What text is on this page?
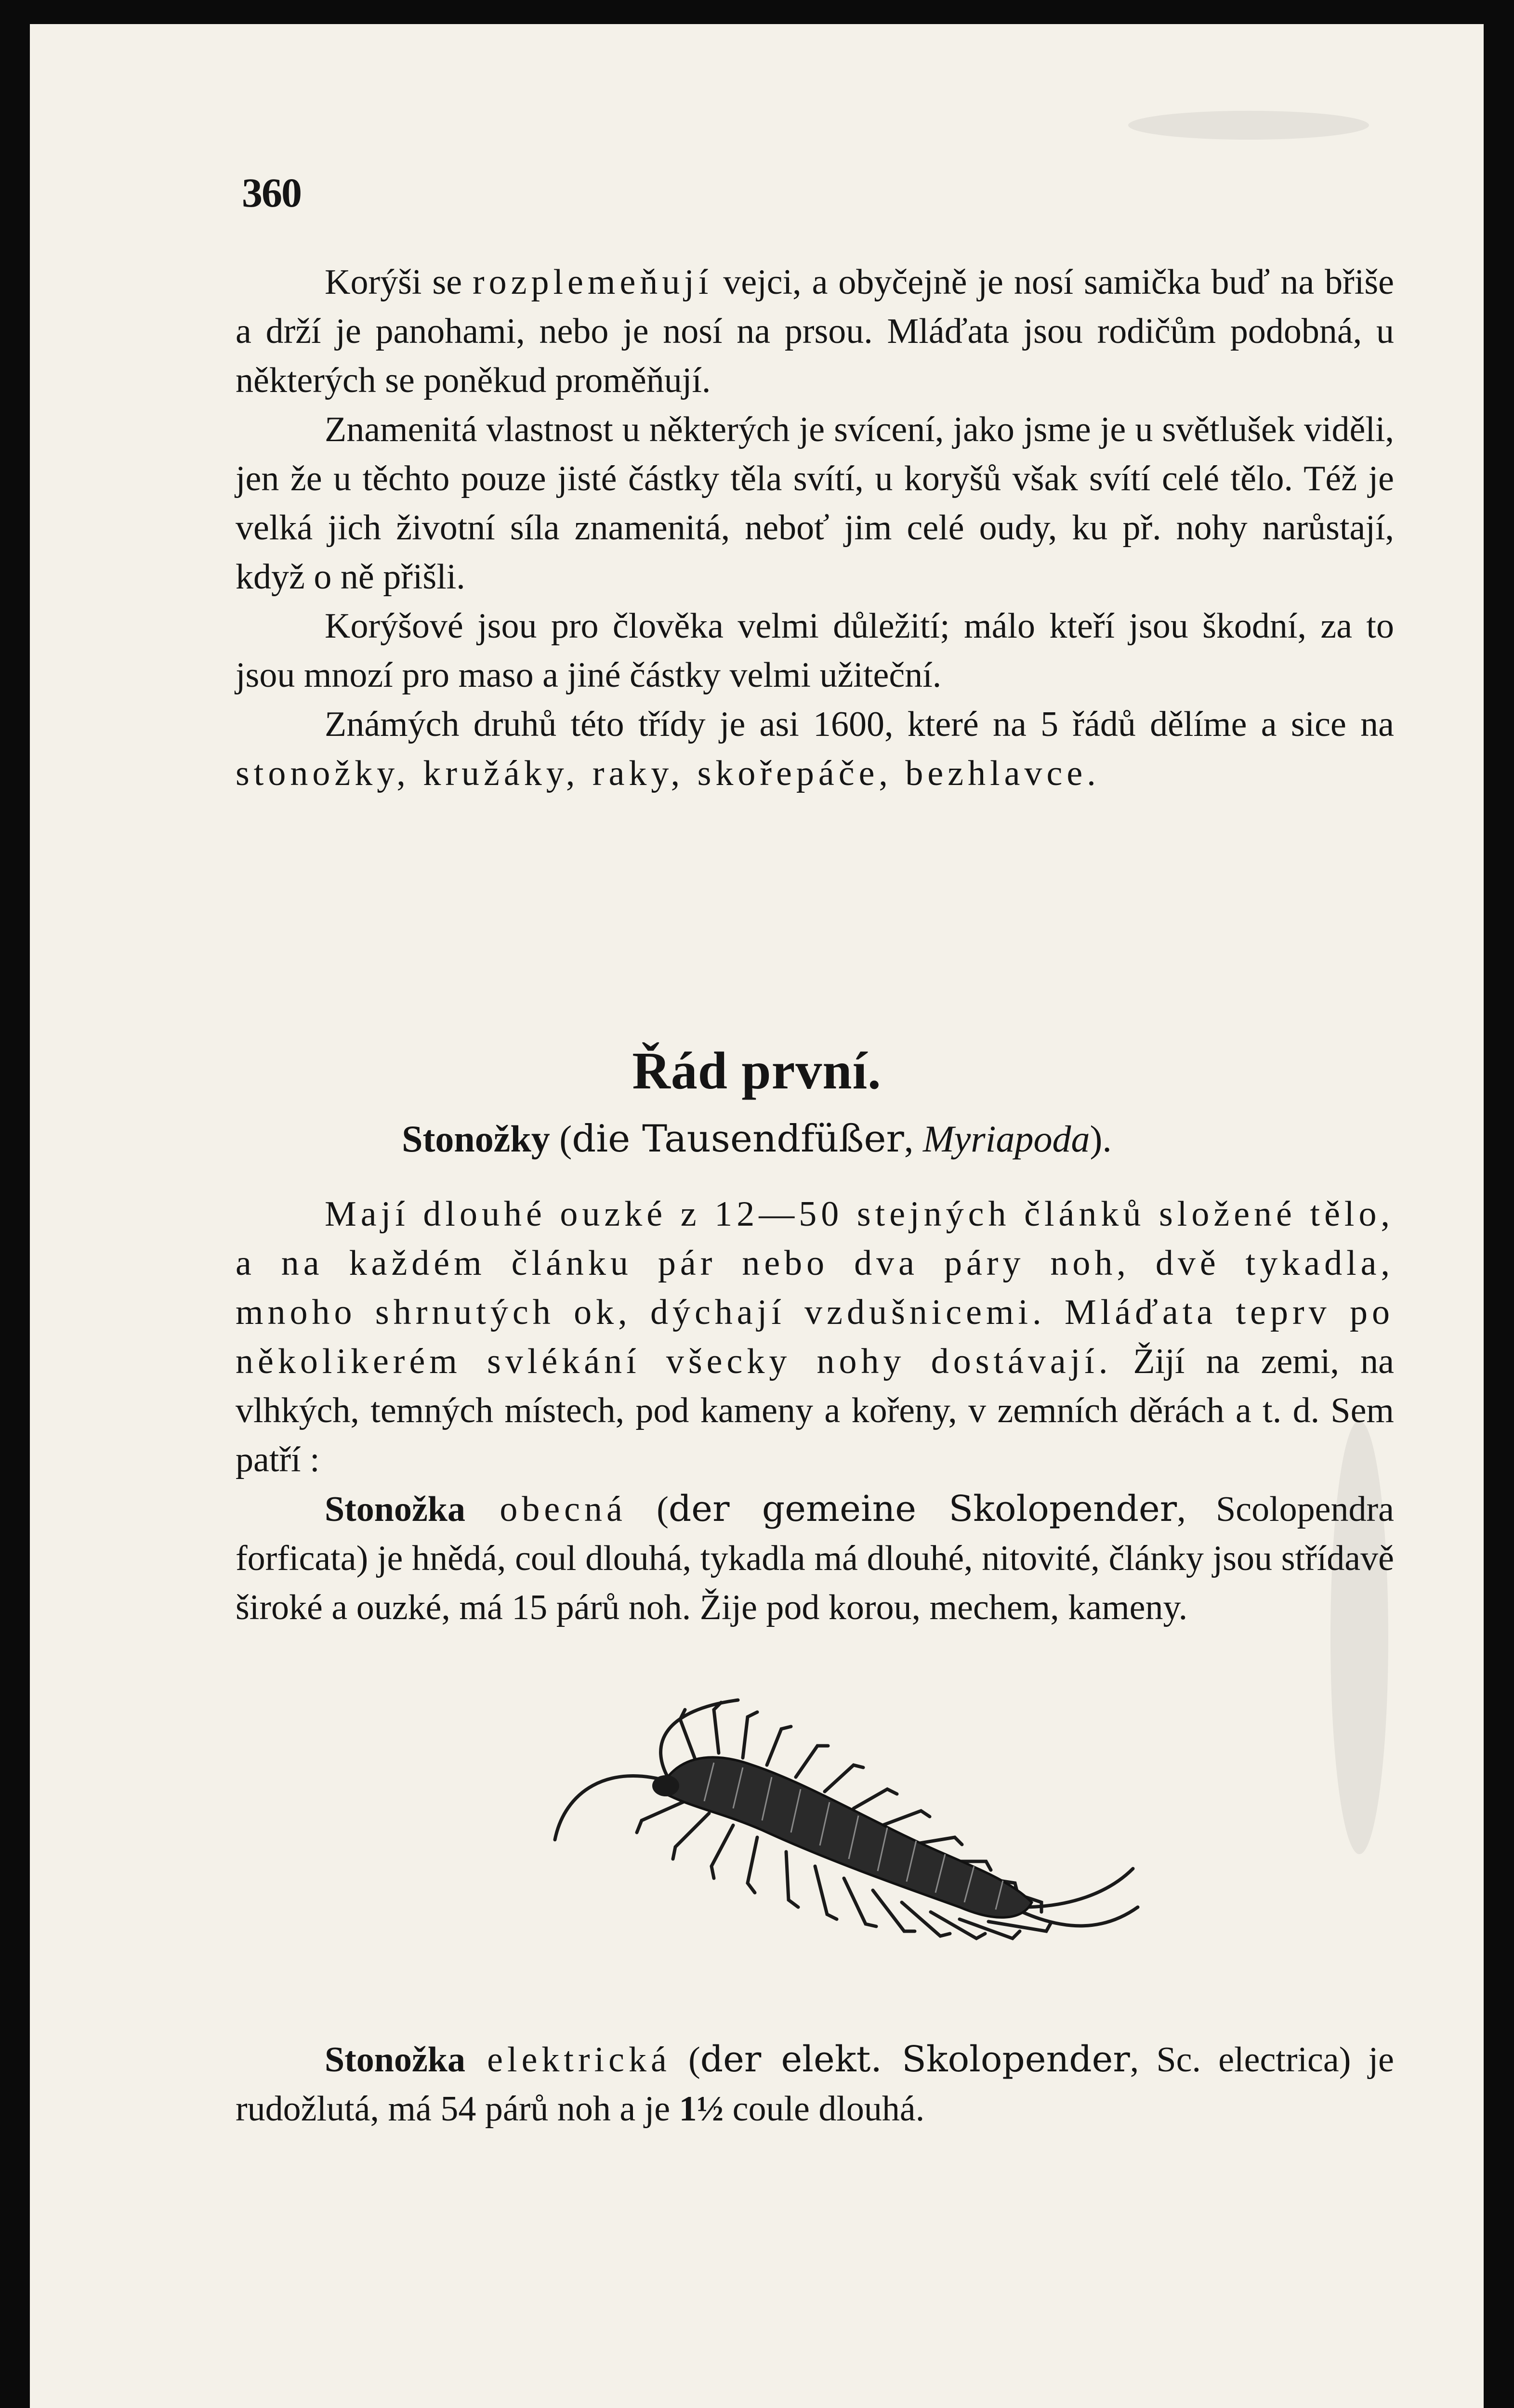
360

Korýši se rozplemeňují vejci, a obyčejně je nosí samička buď na břiše a drží je panohami, nebo je nosí na prsou. Mláďata jsou rodičům podobná, u některých se poněkud proměňují.

Znamenitá vlastnost u některých je svícení, jako jsme je u světlušek viděli, jen že u těchto pouze jisté částky těla svítí, u koryšů však svítí celé tělo. Též je velká jich životní síla znamenitá, neboť jim celé oudy, ku př. nohy narůstají, když o ně přišli.

Korýšové jsou pro člověka velmi důležití; málo kteří jsou škodní, za to jsou mnozí pro maso a jiné částky velmi užiteční.

Známých druhů této třídy je asi 1600, které na 5 řádů dělíme a sice na stonožky, kružáky, raky, skořepáče, bezhlavce.

Řád první.
Stonožky (die Tausendfüßer, Myriapoda).

Mají dlouhé ouzké z 12—50 stejných článků složené tělo, a na každém článku pár nebo dva páry noh, dvě tykadla, mnoho shrnutých ok, dýchají vzdušnicemi. Mláďata teprv po několikerém svlékání všecky nohy dostávají. Žijí na zemi, na vlhkých, temných místech, pod kameny a kořeny, v zemních děrách a t. d. Sem patří :

Stonožka obecná (der gemeine Skolopender, Scolopendra forficata) je hnědá, coul dlouhá, tykadla má dlouhé, nitovité, články jsou střídavě široké a ouzké, má 15 párů noh. Žije pod korou, mechem, kameny.

Stonožka elektrická (der elekt. Skolopender, Sc. electrica) je rudožlutá, má 54 párů noh a je 1½ coule dlouhá.
